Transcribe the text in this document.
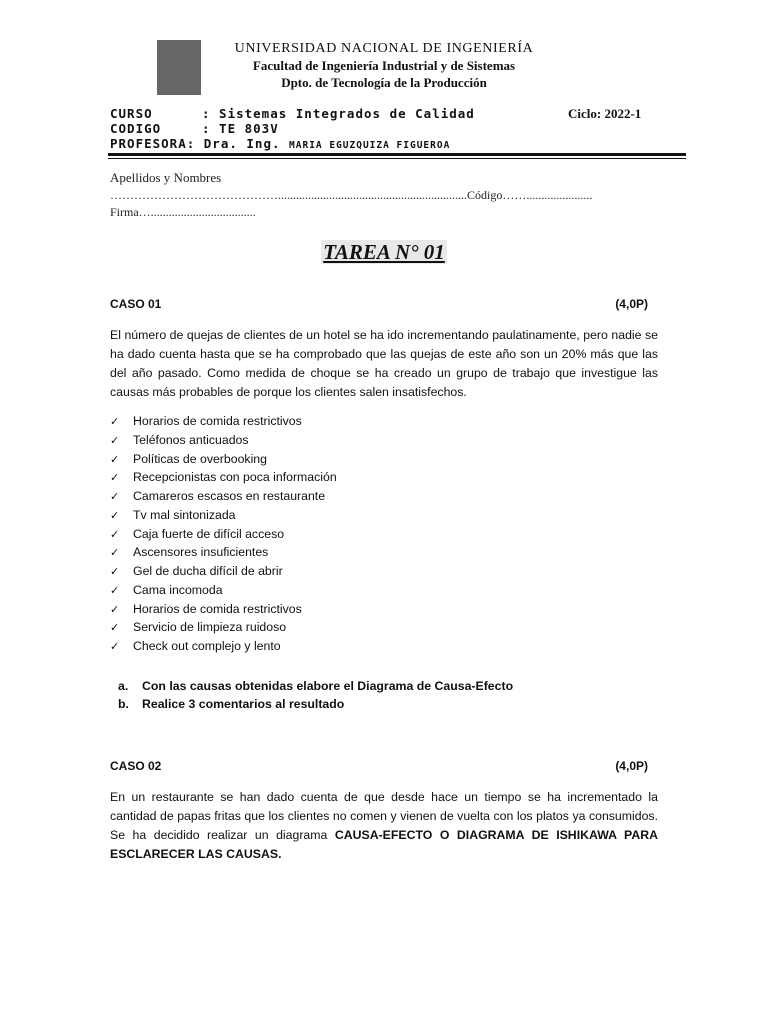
UNIVERSIDAD NACIONAL DE INGENIERÍA
Facultad de Ingeniería Industrial y de Sistemas
Dpto. de Tecnología de la Producción
CURSO	: Sistemas Integrados de Calidad	Ciclo: 2022-1
CODIGO	: TE 803V
PROFESORA: Dra. Ing. MARIA EGUZQUIZA FIGUEROA
Apellidos y Nombres
……………………………………...............................................................Código……......................
Firma…...................................
TAREA N° 01
CASO 01	(4,0P)
El número de quejas de clientes de un hotel se ha ido incrementando paulatinamente, pero nadie se ha dado cuenta hasta que se ha comprobado que las quejas de este año son un 20% más que las del año pasado. Como medida de choque se ha creado un grupo de trabajo que investigue las causas más probables de porque los clientes salen insatisfechos.
✓ Horarios de comida restrictivos
✓ Teléfonos anticuados
✓ Políticas de overbooking
✓ Recepcionistas con poca información
✓ Camareros escasos en restaurante
✓ Tv mal sintonizada
✓ Caja fuerte de difícil acceso
✓ Ascensores insuficientes
✓ Gel de ducha difícil de abrir
✓ Cama incomoda
✓ Horarios de comida restrictivos
✓ Servicio de limpieza ruidoso
✓ Check out complejo y lento
a. Con las causas obtenidas elabore el Diagrama de Causa-Efecto
b. Realice 3 comentarios al resultado
CASO 02	(4,0P)
En un restaurante se han dado cuenta de que desde hace un tiempo se ha incrementado la cantidad de papas fritas que los clientes no comen y vienen de vuelta con los platos ya consumidos. Se ha decidido realizar un diagrama CAUSA-EFECTO O DIAGRAMA DE ISHIKAWA PARA ESCLARECER LAS CAUSAS.
